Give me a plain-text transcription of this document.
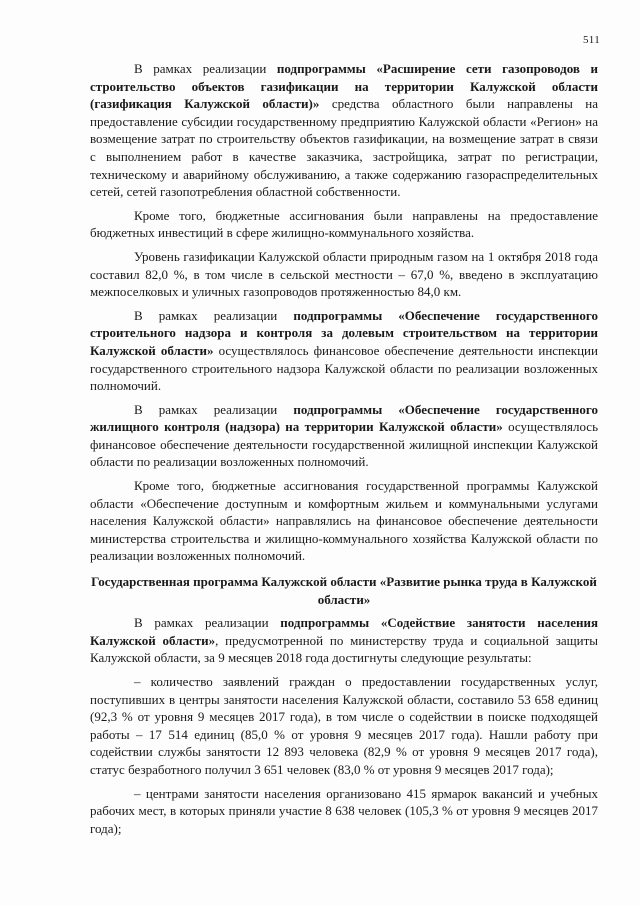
511

В рамках реализации подпрограммы «Расширение сети газопроводов и строительство объектов газификации на территории Калужской области (газификация Калужской области)» средства областного были направлены на предоставление субсидии государственному предприятию Калужской области «Регион» на возмещение затрат по строительству объектов газификации, на возмещение затрат в связи с выполнением работ в качестве заказчика, застройщика, затрат по регистрации, техническому и аварийному обслуживанию, а также содержанию газораспределительных сетей, сетей газопотребления областной собственности.

Кроме того, бюджетные ассигнования были направлены на предоставление бюджетных инвестиций в сфере жилищно-коммунального хозяйства.

Уровень газификации Калужской области природным газом на 1 октября 2018 года составил 82,0 %, в том числе в сельской местности – 67,0 %, введено в эксплуатацию межпоселковых и уличных газопроводов протяженностью 84,0 км.

В рамках реализации подпрограммы «Обеспечение государственного строительного надзора и контроля за долевым строительством на территории Калужской области» осуществлялось финансовое обеспечение деятельности инспекции государственного строительного надзора Калужской области по реализации возложенных полномочий.

В рамках реализации подпрограммы «Обеспечение государственного жилищного контроля (надзора) на территории Калужской области» осуществлялось финансовое обеспечение деятельности государственной жилищной инспекции Калужской области по реализации возложенных полномочий.

Кроме того, бюджетные ассигнования государственной программы Калужской области «Обеспечение доступным и комфортным жильем и коммунальными услугами населения Калужской области» направлялись на финансовое обеспечение деятельности министерства строительства и жилищно-коммунального хозяйства Калужской области по реализации возложенных полномочий.

Государственная программа Калужской области «Развитие рынка труда в Калужской области»

В рамках реализации подпрограммы «Содействие занятости населения Калужской области», предусмотренной по министерству труда и социальной защиты Калужской области, за 9 месяцев 2018 года достигнуты следующие результаты:

– количество заявлений граждан о предоставлении государственных услуг, поступивших в центры занятости населения Калужской области, составило 53 658 единиц (92,3 % от уровня 9 месяцев 2017 года), в том числе о содействии в поиске подходящей работы – 17 514 единиц (85,0 % от уровня 9 месяцев 2017 года). Нашли работу при содействии службы занятости 12 893 человека (82,9 % от уровня 9 месяцев 2017 года), статус безработного получил 3 651 человек (83,0 % от уровня 9 месяцев 2017 года);

– центрами занятости населения организовано 415 ярмарок вакансий и учебных рабочих мест, в которых приняли участие 8 638 человек (105,3 % от уровня 9 месяцев 2017 года);
